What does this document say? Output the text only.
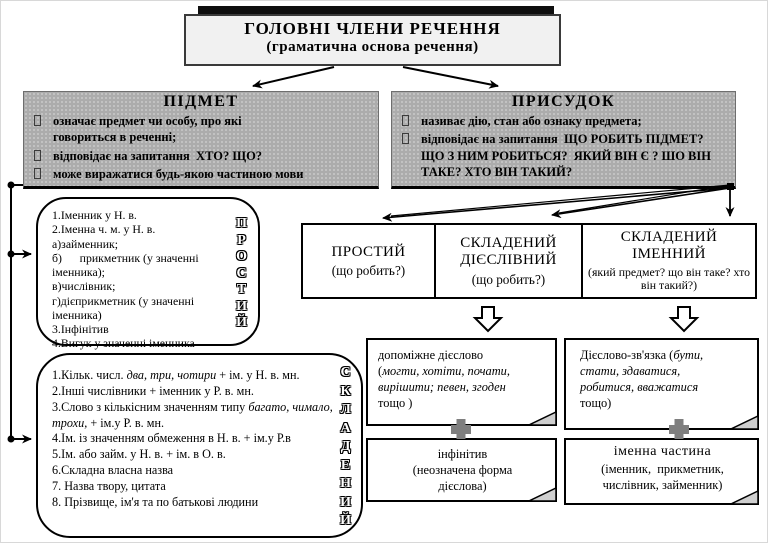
ГОЛОВНІ ЧЛЕНИ РЕЧЕННЯ
(граматична основа речення)
ПІДМЕТ
означає предмет чи особу, про які говориться в реченні;
відповідає на запитання  ХТО? ЩО?
може виражатися будь-якою частиною мови
ПРИСУДОК
називає дію, стан або ознаку предмета;
відповідає на запитання  ЩО РОБИТЬ ПІДМЕТ?  ЩО З НИМ РОБИТЬСЯ?  ЯКИЙ ВІН Є ? ШО ВІН ТАКЕ? ХТО ВІН ТАКИЙ?
1.Іменник у Н. в.
2.Іменна ч. м. у Н. в.
а)займенник;
б)      прикметник (у значенні іменника);
в)числівник;
г)дієприкметник (у значенні іменника)
3.Інфінітив
4.Вигук у значенні іменника
П
Р
О
С
Т
И
Й
1.Кільк. числ. два, три, чотири + ім. у Н. в. мн.
2.Інші числівники + іменник у Р. в. мн.
3.Слово з кількісним значенням типу багато, чимало, трохи, + ім.у Р. в. мн.
4.Ім. із значенням обмеження в Н. в. + ім.у Р.в
5.Ім. або займ. у Н. в. + ім. в О. в.
6.Складна власна назва
7. Назва твору, цитата
8. Прізвище, ім'я та по батькові людини
С
К
Л
А
Д
Е
Н
И
Й
ПРОСТИЙ
(що робить?)
СКЛАДЕНИЙ ДІЄСЛІВНИЙ
(що робить?)
СКЛАДЕНИЙ ІМЕННИЙ
(який предмет? що він таке? хто він такий?)
допоміжне дієслово
(могти, хотіти, почати,
вирішити; певен, згоден
тощо )
Дієслово-зв'язка (бути,
стати, здаватися,
робитися, вважатися
тощо)
інфінітив
(неозначена форма
дієслова)
іменна частина
(іменник,  прикметник,
числівник, займенник)
